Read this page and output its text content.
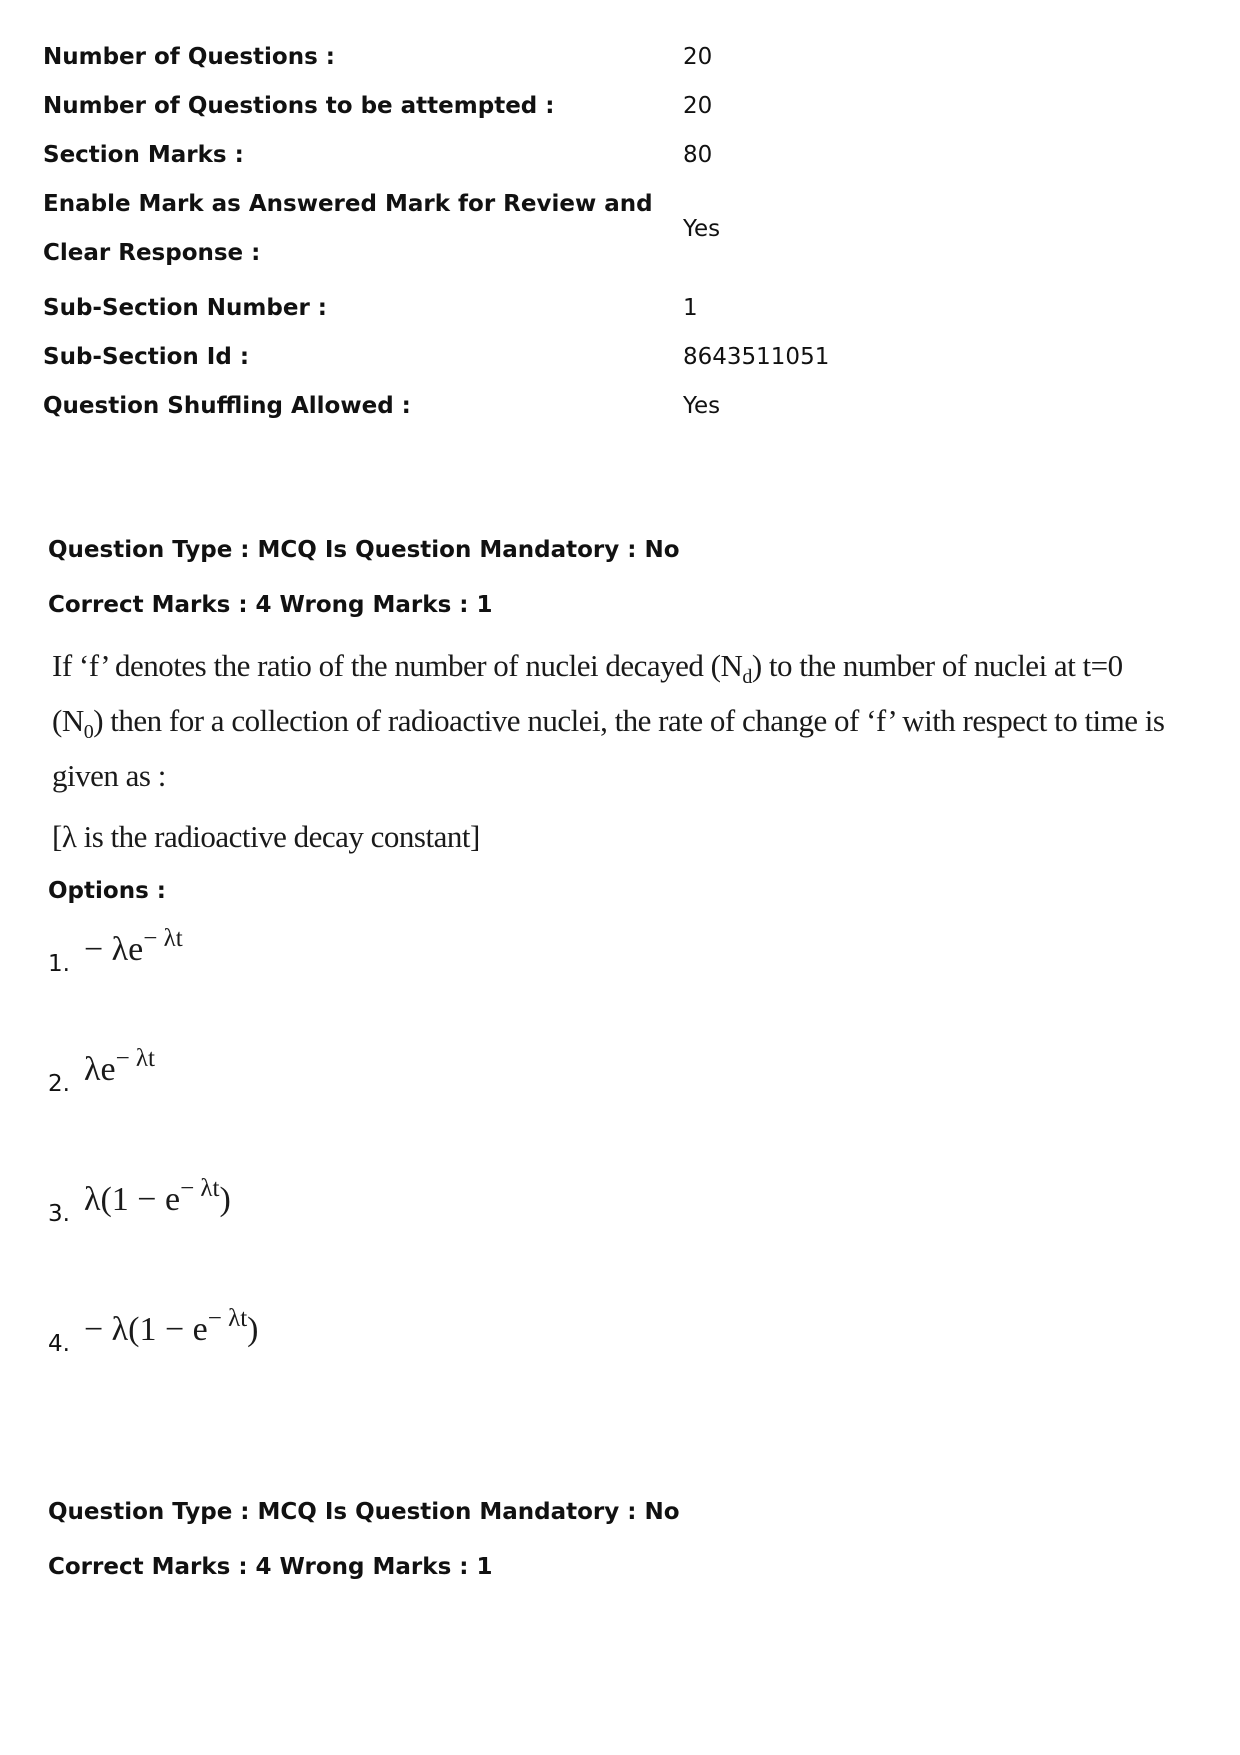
Number of Questions :	20
Number of Questions to be attempted :	20
Section Marks :	80
Enable Mark as Answered Mark for Review and
Clear Response :
Yes
Sub-Section Number :	1
Sub-Section Id :	8643511051
Question Shuffling Allowed :	Yes
Question Type : MCQ Is Question Mandatory : No
Correct Marks : 4 Wrong Marks : 1
If ‘f’ denotes the ratio of the number of nuclei decayed $(N_d)$ to the number of nuclei at t=0
$(N_0)$ then for a collection of radioactive nuclei, the rate of change of ‘f’ with respect to time is
given as :
[λ is the radioactive decay constant]
Options :
1. − $\lambda e^{- \lambda t}$
2. $\lambda e^{- \lambda t}$
3. $\lambda(1 - e^{- \lambda t})$
4. − $\lambda(1 - e^{- \lambda t})$
Question Type : MCQ Is Question Mandatory : No
Correct Marks : 4 Wrong Marks : 1
